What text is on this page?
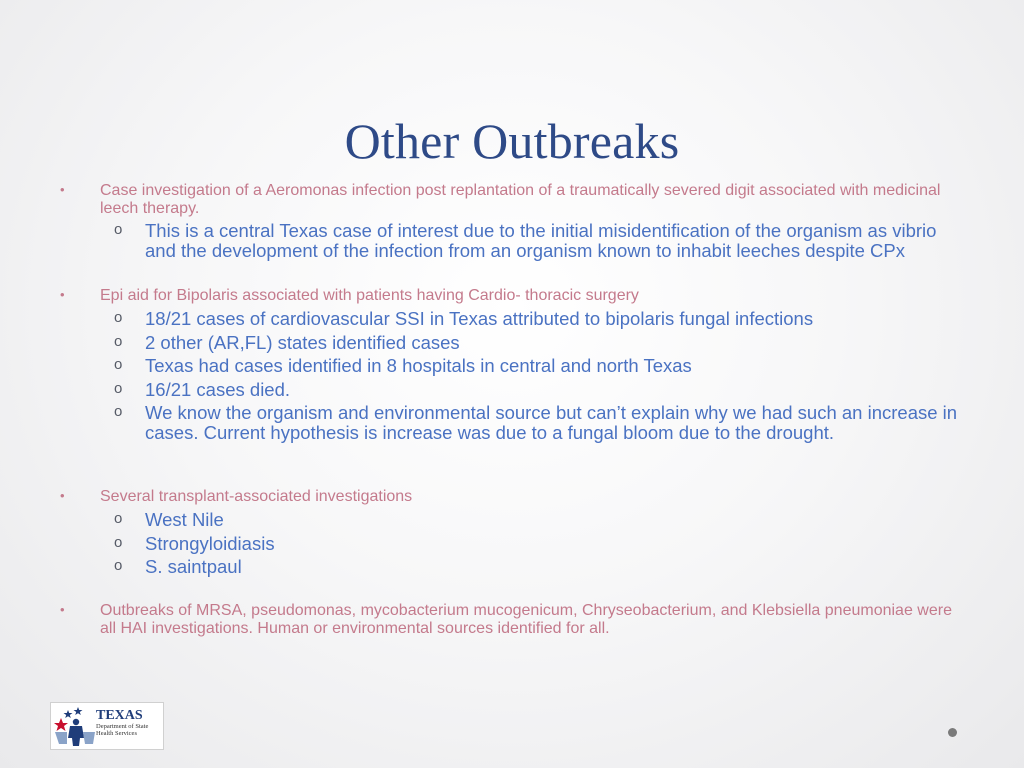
Other Outbreaks
• Case investigation of a Aeromonas infection post replantation of a traumatically severed digit associated with medicinal leech therapy.
o This is a central Texas case of interest due to the initial misidentification of the organism as vibrio and the development of the infection from an organism known to inhabit leeches despite CPx
• Epi aid for Bipolaris associated with patients having Cardio- thoracic surgery
o 18/21 cases of cardiovascular SSI in Texas attributed to bipolaris fungal infections
o 2 other (AR,FL) states identified cases
o Texas had cases identified in 8 hospitals in central and north Texas
o 16/21 cases died.
o We know the organism and environmental source but can’t explain why we had such an increase in cases. Current hypothesis is increase was due to a fungal bloom due to the drought.
• Several transplant-associated investigations
o West Nile
o Strongyloidiasis
o S. saintpaul
• Outbreaks of MRSA, pseudomonas, mycobacterium mucogenicum, Chryseobacterium, and Klebsiella pneumoniae were all HAI investigations. Human or environmental sources identified for all.
TEXAS
Department of State Health Services
